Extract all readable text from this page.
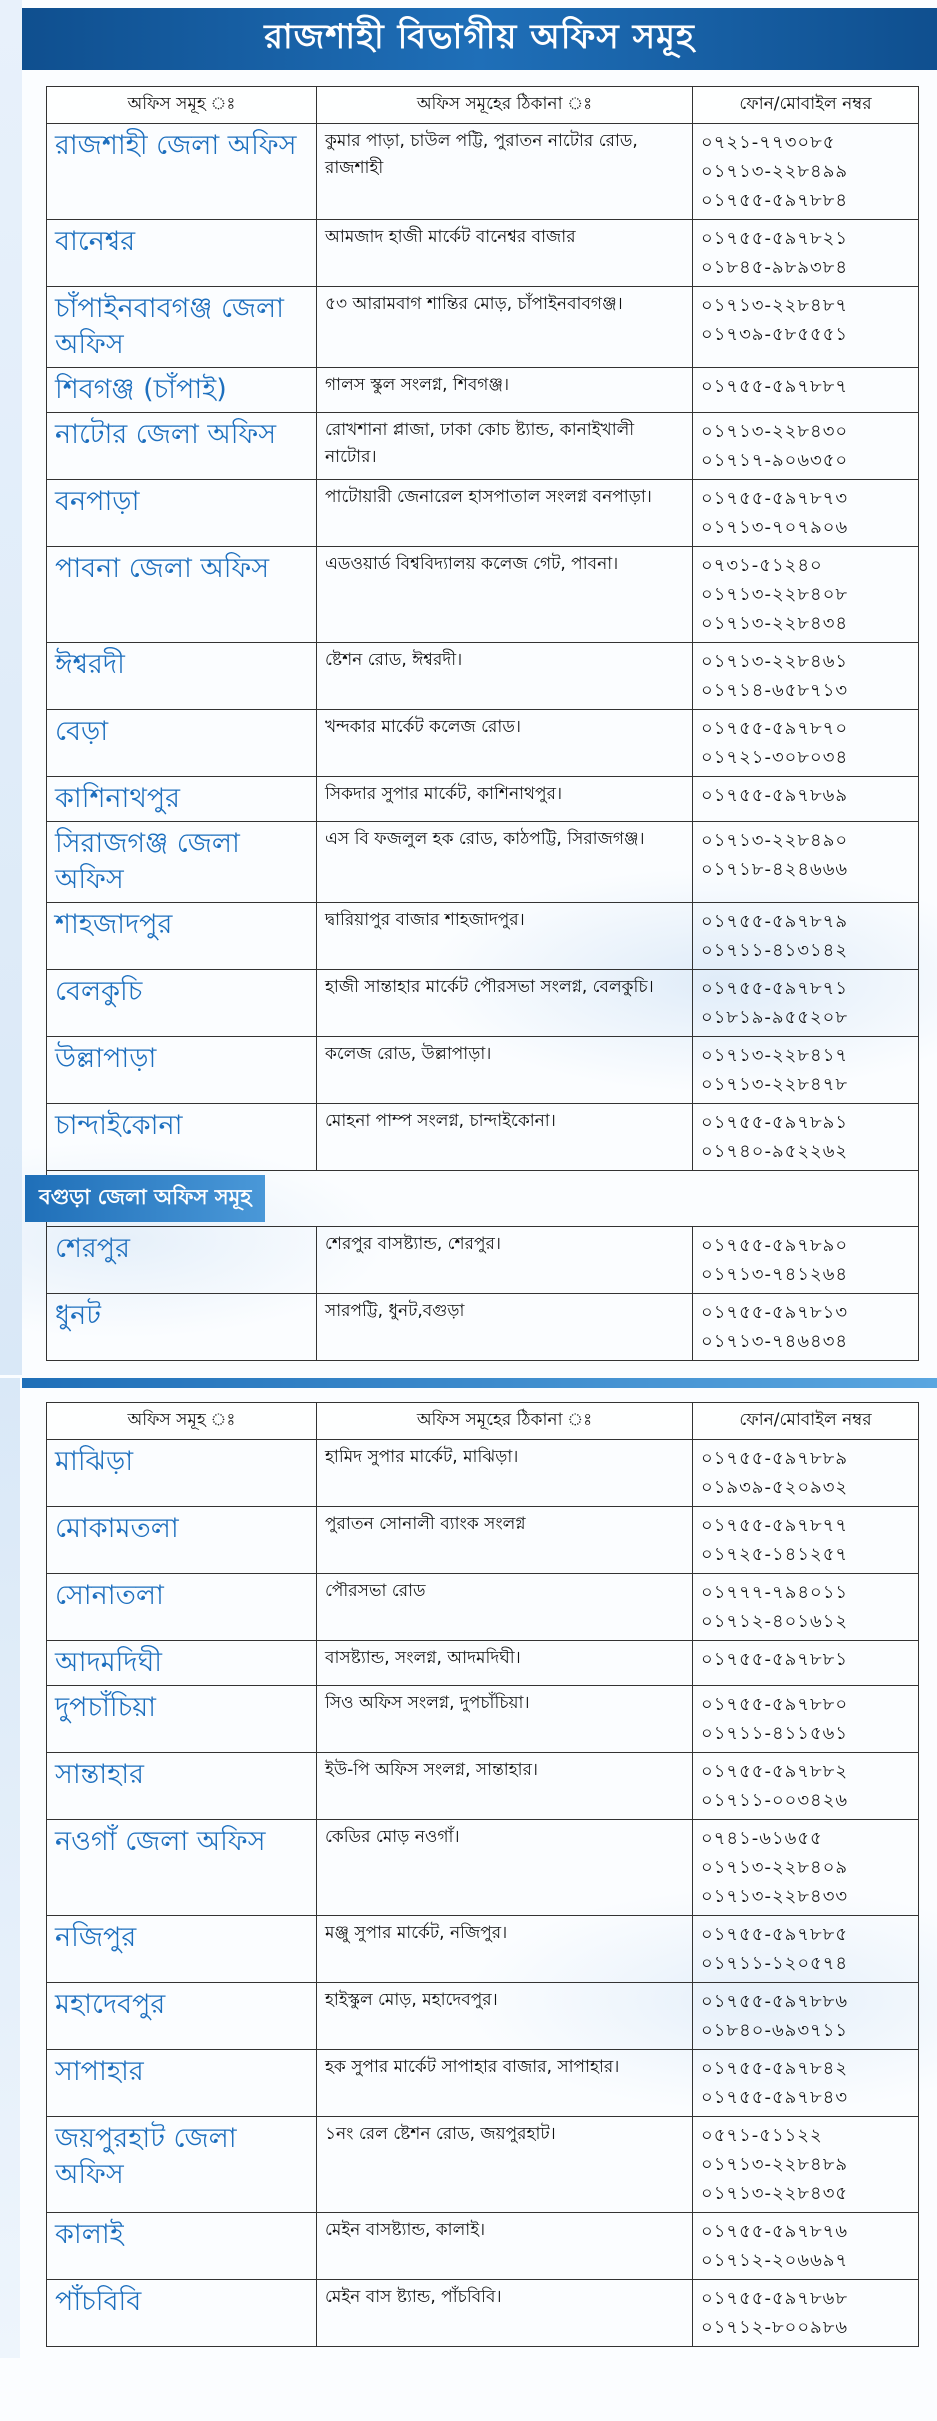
রাজশাহী বিভাগীয় অফিস সমূহ
অফিস সমূহ ঃ	অফিস সমূহের ঠিকানা ঃ	ফোন/মোবাইল নম্বর
রাজশাহী জেলা অফিস	কুমার পাড়া, চাউল পট্টি, পুরাতন নাটোর রোড, রাজশাহী	০৭২১-৭৭৩০৮৫
০১৭১৩-২২৮৪৯৯
০১৭৫৫-৫৯৭৮৮৪

বানেশ্বর	আমজাদ হাজী মার্কেট বানেশ্বর বাজার	০১৭৫৫-৫৯৭৮২১
০১৮৪৫-৯৮৯৩৮৪

চাঁপাইনবাবগঞ্জ জেলা অফিস	৫৩ আরামবাগ শান্তির মোড়, চাঁপাইনবাবগঞ্জ।	০১৭১৩-২২৮৪৮৭
০১৭৩৯-৫৮৫৫৫১

শিবগঞ্জ (চাঁপাই)	গালস স্কুল সংলগ্ন, শিবগঞ্জ।	০১৭৫৫-৫৯৭৮৮৭

নাটোর জেলা অফিস	রোখশানা প্লাজা, ঢাকা কোচ ষ্ট্যান্ড, কানাইখালী নাটোর।	০১৭১৩-২২৮৪৩০
০১৭১৭-৯০৬৩৫০

বনপাড়া	পাটোয়ারী জেনারেল হাসপাতাল সংলগ্ন বনপাড়া।	০১৭৫৫-৫৯৭৮৭৩
০১৭১৩-৭০৭৯০৬

পাবনা জেলা অফিস	এডওয়ার্ড বিশ্ববিদ্যালয় কলেজ গেট, পাবনা।	০৭৩১-৫১২৪০
০১৭১৩-২২৮৪০৮
০১৭১৩-২২৮৪৩৪

ঈশ্বরদী	ষ্টেশন রোড, ঈশ্বরদী।	০১৭১৩-২২৮৪৬১
০১৭১৪-৬৫৮৭১৩

বেড়া	খন্দকার মার্কেট কলেজ রোড।	০১৭৫৫-৫৯৭৮৭০
০১৭২১-৩০৮০৩৪

কাশিনাথপুর	সিকদার সুপার মার্কেট, কাশিনাথপুর।	০১৭৫৫-৫৯৭৮৬৯

সিরাজগঞ্জ জেলা অফিস	এস বি ফজলুল হক রোড, কাঠপট্টি, সিরাজগঞ্জ।	০১৭১৩-২২৮৪৯০
০১৭১৮-৪২৪৬৬৬

শাহজাদপুর	দ্বারিয়াপুর বাজার শাহজাদপুর।	০১৭৫৫-৫৯৭৮৭৯
০১৭১১-৪১৩১৪২

বেলকুচি	হাজী সান্তাহার মার্কেট পৌরসভা সংলগ্ন, বেলকুচি।	০১৭৫৫-৫৯৭৮৭১
০১৮১৯-৯৫৫২০৮

উল্লাপাড়া	কলেজ রোড, উল্লাপাড়া।	০১৭১৩-২২৮৪১৭
০১৭১৩-২২৮৪৭৮

চান্দাইকোনা	মোহনা পাম্প সংলগ্ন, চান্দাইকোনা।	০১৭৫৫-৫৯৭৮৯১
০১৭৪০-৯৫২২৬২

বগুড়া জেলা অফিস সমূহ		
শেরপুর	শেরপুর বাসষ্ট্যান্ড, শেরপুর।	০১৭৫৫-৫৯৭৮৯০
০১৭১৩-৭৪১২৬৪

ধুনট	সারপট্টি, ধুনট,বগুড়া	০১৭৫৫-৫৯৭৮১৩
০১৭১৩-৭৪৬৪৩৪
অফিস সমূহ ঃ	অফিস সমূহের ঠিকানা ঃ	ফোন/মোবাইল নম্বর
মাঝিড়া	হামিদ সুপার মার্কেট, মাঝিড়া।	০১৭৫৫-৫৯৭৮৮৯
০১৯৩৯-৫২০৯৩২

মোকামতলা	পুরাতন সোনালী ব্যাংক সংলগ্ন	০১৭৫৫-৫৯৭৮৭৭
০১৭২৫-১৪১২৫৭

সোনাতলা	পৌরসভা রোড	০১৭৭৭-৭৯৪০১১
০১৭১২-৪০১৬১২

আদমদিঘী	বাসষ্ট্যান্ড, সংলগ্ন, আদমদিঘী।	০১৭৫৫-৫৯৭৮৮১

দুপচাঁচিয়া	সিও অফিস সংলগ্ন, দুপচাঁচিয়া।	০১৭৫৫-৫৯৭৮৮০
০১৭১১-৪১১৫৬১

সান্তাহার	ইউ-পি অফিস সংলগ্ন, সান্তাহার।	০১৭৫৫-৫৯৭৮৮২
০১৭১১-০০৩৪২৬

নওগাঁ জেলা অফিস	কেডির মোড় নওগাঁ।	০৭৪১-৬১৬৫৫
০১৭১৩-২২৮৪০৯
০১৭১৩-২২৮৪৩৩

নজিপুর	মঞ্জু সুপার মার্কেট, নজিপুর।	০১৭৫৫-৫৯৭৮৮৫
০১৭১১-১২০৫৭৪

মহাদেবপুর	হাইস্কুল মোড়, মহাদেবপুর।	০১৭৫৫-৫৯৭৮৮৬
০১৮৪০-৬৯৩৭১১

সাপাহার	হক সুপার মার্কেট সাপাহার বাজার, সাপাহার।	০১৭৫৫-৫৯৭৮৪২
০১৭৫৫-৫৯৭৮৪৩

জয়পুরহাট জেলা অফিস	১নং রেল ষ্টেশন রোড, জয়পুরহাট।	০৫৭১-৫১১২২
০১৭১৩-২২৮৪৮৯
০১৭১৩-২২৮৪৩৫

কালাই	মেইন বাসষ্ট্যান্ড, কালাই।	০১৭৫৫-৫৯৭৮৭৬
০১৭১২-২০৬৬৯৭

পাঁচবিবি	মেইন বাস ষ্ট্যান্ড, পাঁচবিবি।	০১৭৫৫-৫৯৭৮৬৮
০১৭১২-৮০০৯৮৬
